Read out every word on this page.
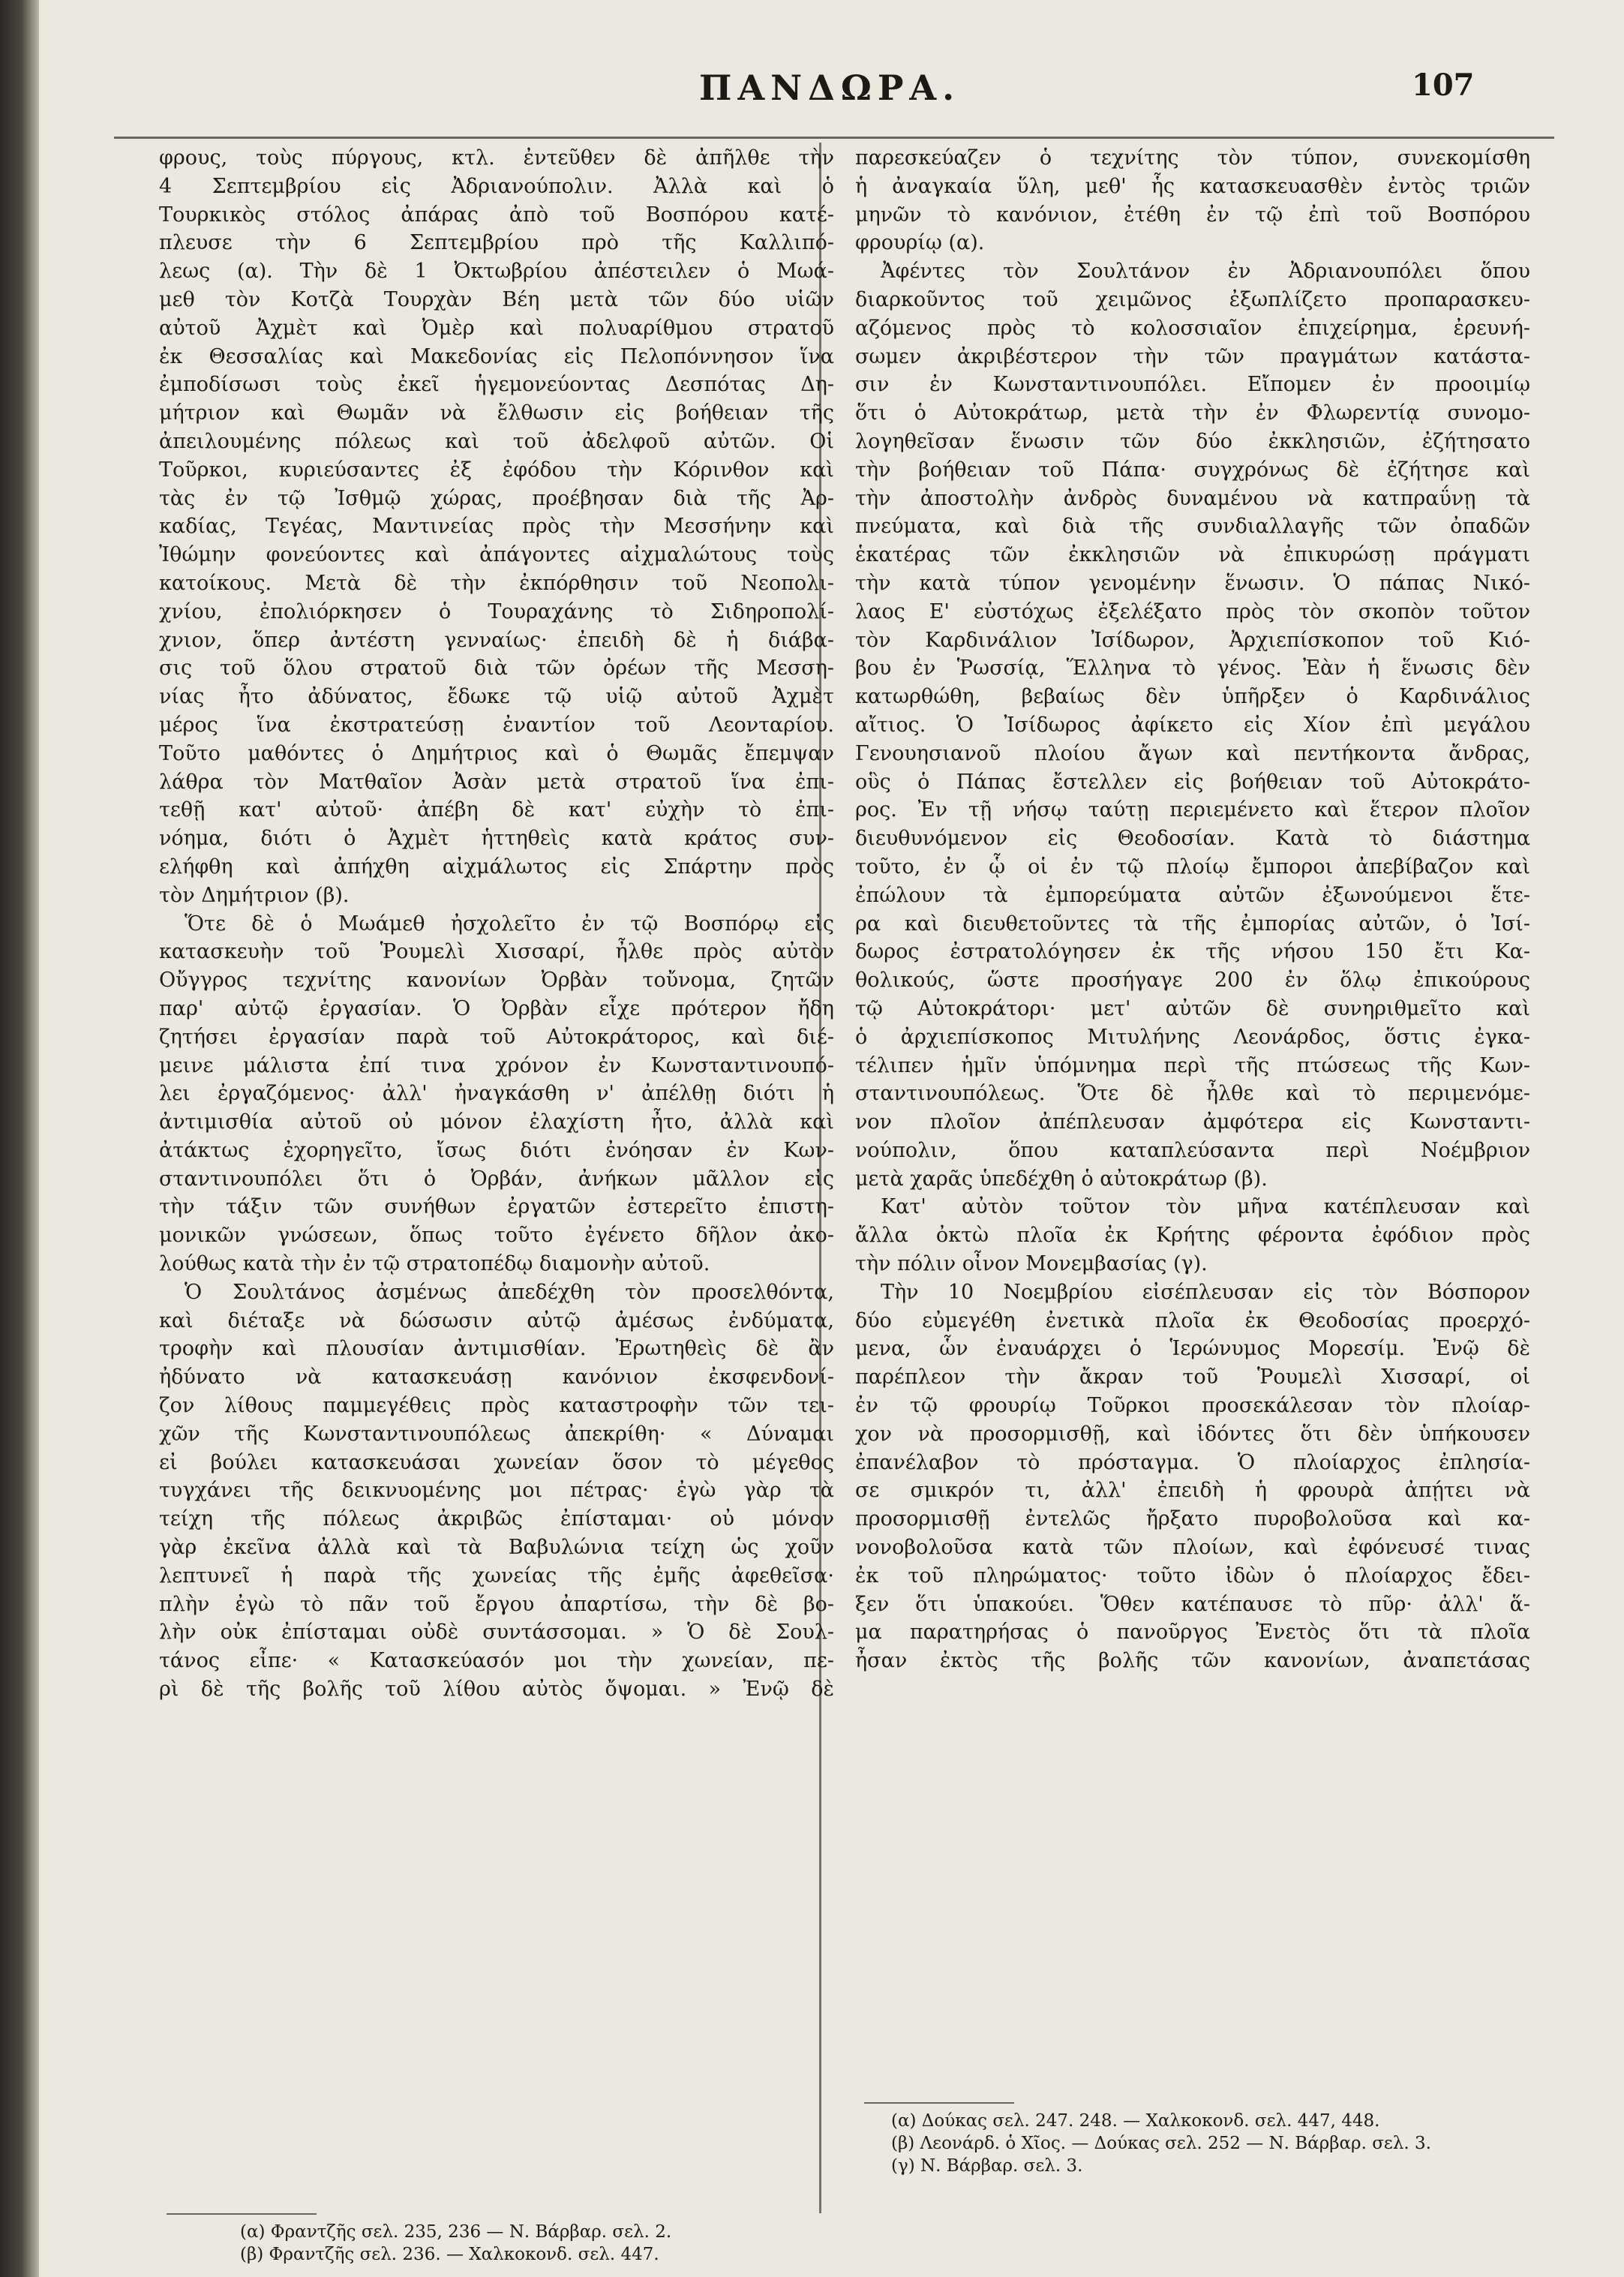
ΠΑΝΔΩΡΑ.	107
φρους, τοὺς πύργους, κτλ. ἐντεῦθεν δὲ ἀπῆλθε τὴν
4 Σεπτεμβρίου εἰς Ἀδριανούπολιν. Ἀλλὰ καὶ ὁ
Τουρκικὸς στόλος ἀπάρας ἀπὸ τοῦ Βοσπόρου κατέ-
πλευσε τὴν 6 Σεπτεμβρίου πρὸ τῆς Καλλιπό-
λεως (α). Τὴν δὲ 1 Ὀκτωβρίου ἀπέστειλεν ὁ Μωά-
μεθ τὸν Κοτζὰ Τουρχὰν Βέη μετὰ τῶν δύο υἱῶν
αὐτοῦ Ἀχμὲτ καὶ Ὀμὲρ καὶ πολυαρίθμου στρατοῦ
ἐκ Θεσσαλίας καὶ Μακεδονίας εἰς Πελοπόννησον ἵνα
ἐμποδίσωσι τοὺς ἐκεῖ ἡγεμονεύοντας Δεσπότας Δη-
μήτριον καὶ Θωμᾶν νὰ ἔλθωσιν εἰς βοήθειαν τῆς
ἀπειλουμένης πόλεως καὶ τοῦ ἀδελφοῦ αὐτῶν. Οἱ
Τοῦρκοι, κυριεύσαντες ἐξ ἐφόδου τὴν Κόρινθον καὶ
τὰς ἐν τῷ Ἰσθμῷ χώρας, προέβησαν διὰ τῆς Ἀρ-
καδίας, Τεγέας, Μαντινείας πρὸς τὴν Μεσσήνην καὶ
Ἰθώμην φονεύοντες καὶ ἀπάγοντες αἰχμαλώτους τοὺς
κατοίκους. Μετὰ δὲ τὴν ἐκπόρθησιν τοῦ Νεοπολι-
χνίου, ἐπολιόρκησεν ὁ Τουραχάνης τὸ Σιδηροπολί-
χνιον, ὅπερ ἀντέστη γενναίως· ἐπειδὴ δὲ ἡ διάβα-
σις τοῦ ὅλου στρατοῦ διὰ τῶν ὀρέων τῆς Μεσση-
νίας ἦτο ἀδύνατος, ἔδωκε τῷ υἱῷ αὐτοῦ Ἀχμὲτ
μέρος ἵνα ἐκστρατεύσῃ ἐναντίον τοῦ Λεονταρίου.
Τοῦτο μαθόντες ὁ Δημήτριος καὶ ὁ Θωμᾶς ἔπεμψαν
λάθρα τὸν Ματθαῖον Ἀσὰν μετὰ στρατοῦ ἵνα ἐπι-
τεθῇ κατ' αὐτοῦ· ἀπέβη δὲ κατ' εὐχὴν τὸ ἐπι-
νόημα, διότι ὁ Ἀχμὲτ ἡττηθεὶς κατὰ κράτος συν-
ελήφθη καὶ ἀπήχθη αἰχμάλωτος εἰς Σπάρτην πρὸς
τὸν Δημήτριον (β).
Ὅτε δὲ ὁ Μωάμεθ ἠσχολεῖτο ἐν τῷ Βοσπόρῳ εἰς
κατασκευὴν τοῦ Ῥουμελὶ Χισσαρί, ἦλθε πρὸς αὐτὸν
Οὔγγρος τεχνίτης κανονίων Ὀρβὰν τοὔνομα, ζητῶν
παρ' αὐτῷ ἐργασίαν. Ὁ Ὀρβὰν εἶχε πρότερον ἤδη
ζητήσει ἐργασίαν παρὰ τοῦ Αὐτοκράτορος, καὶ διέ-
μεινε μάλιστα ἐπί τινα χρόνον ἐν Κωνσταντινουπό-
λει ἐργαζόμενος· ἀλλ' ἠναγκάσθη ν' ἀπέλθῃ διότι ἡ
ἀντιμισθία αὐτοῦ οὐ μόνον ἐλαχίστη ἦτο, ἀλλὰ καὶ
ἀτάκτως ἐχορηγεῖτο, ἴσως διότι ἐνόησαν ἐν Κων-
σταντινουπόλει ὅτι ὁ Ὀρβάν, ἀνήκων μᾶλλον εἰς
τὴν τάξιν τῶν συνήθων ἐργατῶν ἐστερεῖτο ἐπιστη-
μονικῶν γνώσεων, ὅπως τοῦτο ἐγένετο δῆλον ἀκο-
λούθως κατὰ τὴν ἐν τῷ στρατοπέδῳ διαμονὴν αὐτοῦ.
Ὁ Σουλτάνος ἀσμένως ἀπεδέχθη τὸν προσελθόντα,
καὶ διέταξε νὰ δώσωσιν αὐτῷ ἀμέσως ἐνδύματα,
τροφὴν καὶ πλουσίαν ἀντιμισθίαν. Ἐρωτηθεὶς δὲ ἂν
ἠδύνατο νὰ κατασκευάσῃ κανόνιον ἐκσφενδονί-
ζον λίθους παμμεγέθεις πρὸς καταστροφὴν τῶν τει-
χῶν τῆς Κωνσταντινουπόλεως ἀπεκρίθη· « Δύναμαι
εἰ βούλει κατασκευάσαι χωνείαν ὅσον τὸ μέγεθος
τυγχάνει τῆς δεικνυομένης μοι πέτρας· ἐγὼ γὰρ τὰ
τείχη τῆς πόλεως ἀκριβῶς ἐπίσταμαι· οὐ μόνον
γὰρ ἐκεῖνα ἀλλὰ καὶ τὰ Βαβυλώνια τείχη ὡς χοῦν
λεπτυνεῖ ἡ παρὰ τῆς χωνείας τῆς ἐμῆς ἀφεθεῖσα·
πλὴν ἐγὼ τὸ πᾶν τοῦ ἔργου ἀπαρτίσω, τὴν δὲ βο-
λὴν οὐκ ἐπίσταμαι οὐδὲ συντάσσομαι. » Ὁ δὲ Σουλ-
τάνος εἶπε· « Κατασκεύασόν μοι τὴν χωνείαν, πε-
ρὶ δὲ τῆς βολῆς τοῦ λίθου αὐτὸς ὄψομαι. » Ἐνῷ δὲ
παρεσκεύαζεν ὁ τεχνίτης τὸν τύπον, συνεκομίσθη
ἡ ἀναγκαία ὕλη, μεθ' ἧς κατασκευασθὲν ἐντὸς τριῶν
μηνῶν τὸ κανόνιον, ἐτέθη ἐν τῷ ἐπὶ τοῦ Βοσπόρου
φρουρίῳ (α).
Ἀφέντες τὸν Σουλτάνον ἐν Ἀδριανουπόλει ὅπου
διαρκοῦντος τοῦ χειμῶνος ἐξωπλίζετο προπαρασκευ-
αζόμενος πρὸς τὸ κολοσσιαῖον ἐπιχείρημα, ἐρευνή-
σωμεν ἀκριβέστερον τὴν τῶν πραγμάτων κατάστα-
σιν ἐν Κωνσταντινουπόλει. Εἴπομεν ἐν προοιμίῳ
ὅτι ὁ Αὐτοκράτωρ, μετὰ τὴν ἐν Φλωρεντίᾳ συνομο-
λογηθεῖσαν ἕνωσιν τῶν δύο ἐκκλησιῶν, ἐζήτησατο
τὴν βοήθειαν τοῦ Πάπα· συγχρόνως δὲ ἐζήτησε καὶ
τὴν ἀποστολὴν ἀνδρὸς δυναμένου νὰ κατπραΰνῃ τὰ
πνεύματα, καὶ διὰ τῆς συνδιαλλαγῆς τῶν ὀπαδῶν
ἑκατέρας τῶν ἐκκλησιῶν νὰ ἐπικυρώσῃ πράγματι
τὴν κατὰ τύπον γενομένην ἕνωσιν. Ὁ πάπας Νικό-
λαος Ε' εὐστόχως ἐξελέξατο πρὸς τὸν σκοπὸν τοῦτον
τὸν Καρδινάλιον Ἰσίδωρον, Ἀρχιεπίσκοπον τοῦ Κιό-
βου ἐν Ῥωσσίᾳ, Ἕλληνα τὸ γένος. Ἐὰν ἡ ἕνωσις δὲν
κατωρθώθη, βεβαίως δὲν ὑπῆρξεν ὁ Καρδινάλιος
αἴτιος. Ὁ Ἰσίδωρος ἀφίκετο εἰς Χίον ἐπὶ μεγάλου
Γενουησιανοῦ πλοίου ἄγων καὶ πεντήκοντα ἄνδρας,
οὓς ὁ Πάπας ἔστελλεν εἰς βοήθειαν τοῦ Αὐτοκράτο-
ρος. Ἐν τῇ νήσῳ ταύτῃ περιεμένετο καὶ ἕτερον πλοῖον
διευθυνόμενον εἰς Θεοδοσίαν. Κατὰ τὸ διάστημα
τοῦτο, ἐν ᾧ οἱ ἐν τῷ πλοίῳ ἔμποροι ἀπεβίβαζον καὶ
ἐπώλουν τὰ ἐμπορεύματα αὐτῶν ἐξωνούμενοι ἕτε-
ρα καὶ διευθετοῦντες τὰ τῆς ἐμπορίας αὐτῶν, ὁ Ἰσί-
δωρος ἐστρατολόγησεν ἐκ τῆς νήσου 150 ἔτι Κα-
θολικούς, ὥστε προσήγαγε 200 ἐν ὅλῳ ἐπικούρους
τῷ Αὐτοκράτορι· μετ' αὐτῶν δὲ συνηριθμεῖτο καὶ
ὁ ἀρχιεπίσκοπος Μιτυλήνης Λεονάρδος, ὅστις ἐγκα-
τέλιπεν ἡμῖν ὑπόμνημα περὶ τῆς πτώσεως τῆς Κων-
σταντινουπόλεως. Ὅτε δὲ ἦλθε καὶ τὸ περιμενόμε-
νον πλοῖον ἀπέπλευσαν ἀμφότερα εἰς Κωνσταντι-
νούπολιν, ὅπου καταπλεύσαντα περὶ Νοέμβριον
μετὰ χαρᾶς ὑπεδέχθη ὁ αὐτοκράτωρ (β).
Κατ' αὐτὸν τοῦτον τὸν μῆνα κατέπλευσαν καὶ
ἄλλα ὀκτὼ πλοῖα ἐκ Κρήτης φέροντα ἐφόδιον πρὸς
τὴν πόλιν οἶνον Μονεμβασίας (γ).
Τὴν 10 Νοεμβρίου εἰσέπλευσαν εἰς τὸν Βόσπορον
δύο εὐμεγέθη ἐνετικὰ πλοῖα ἐκ Θεοδοσίας προερχό-
μενα, ὧν ἐναυάρχει ὁ Ἱερώνυμος Μορεσίμ. Ἐνῷ δὲ
παρέπλεον τὴν ἄκραν τοῦ Ῥουμελὶ Χισσαρί, οἱ
ἐν τῷ φρουρίῳ Τοῦρκοι προσεκάλεσαν τὸν πλοίαρ-
χον νὰ προσορμισθῇ, καὶ ἰδόντες ὅτι δὲν ὑπήκουσεν
ἐπανέλαβον τὸ πρόσταγμα. Ὁ πλοίαρχος ἐπλησία-
σε σμικρόν τι, ἀλλ' ἐπειδὴ ἡ φρουρὰ ἀπῄτει νὰ
προσορμισθῇ ἐντελῶς ἤρξατο πυροβολοῦσα καὶ κα-
νονοβολοῦσα κατὰ τῶν πλοίων, καὶ ἐφόνευσέ τινας
ἐκ τοῦ πληρώματος· τοῦτο ἰδὼν ὁ πλοίαρχος ἔδει-
ξεν ὅτι ὑπακούει. Ὅθεν κατέπαυσε τὸ πῦρ· ἀλλ' ἅ-
μα παρατηρήσας ὁ πανοῦργος Ἐνετὸς ὅτι τὰ πλοῖα
ἦσαν ἐκτὸς τῆς βολῆς τῶν κανονίων, ἀναπετάσας
(α) Φραντζῆς σελ. 235, 236 — Ν. Βάρβαρ. σελ. 2.
(β) Φραντζῆς σελ. 236. — Χαλκοκονδ. σελ. 447.
(α) Δούκας σελ. 247. 248. — Χαλκοκονδ. σελ. 447, 448.
(β) Λεονάρδ. ὁ Χῖος. — Δούκας σελ. 252 — Ν. Βάρβαρ. σελ. 3.
(γ) Ν. Βάρβαρ. σελ. 3.
